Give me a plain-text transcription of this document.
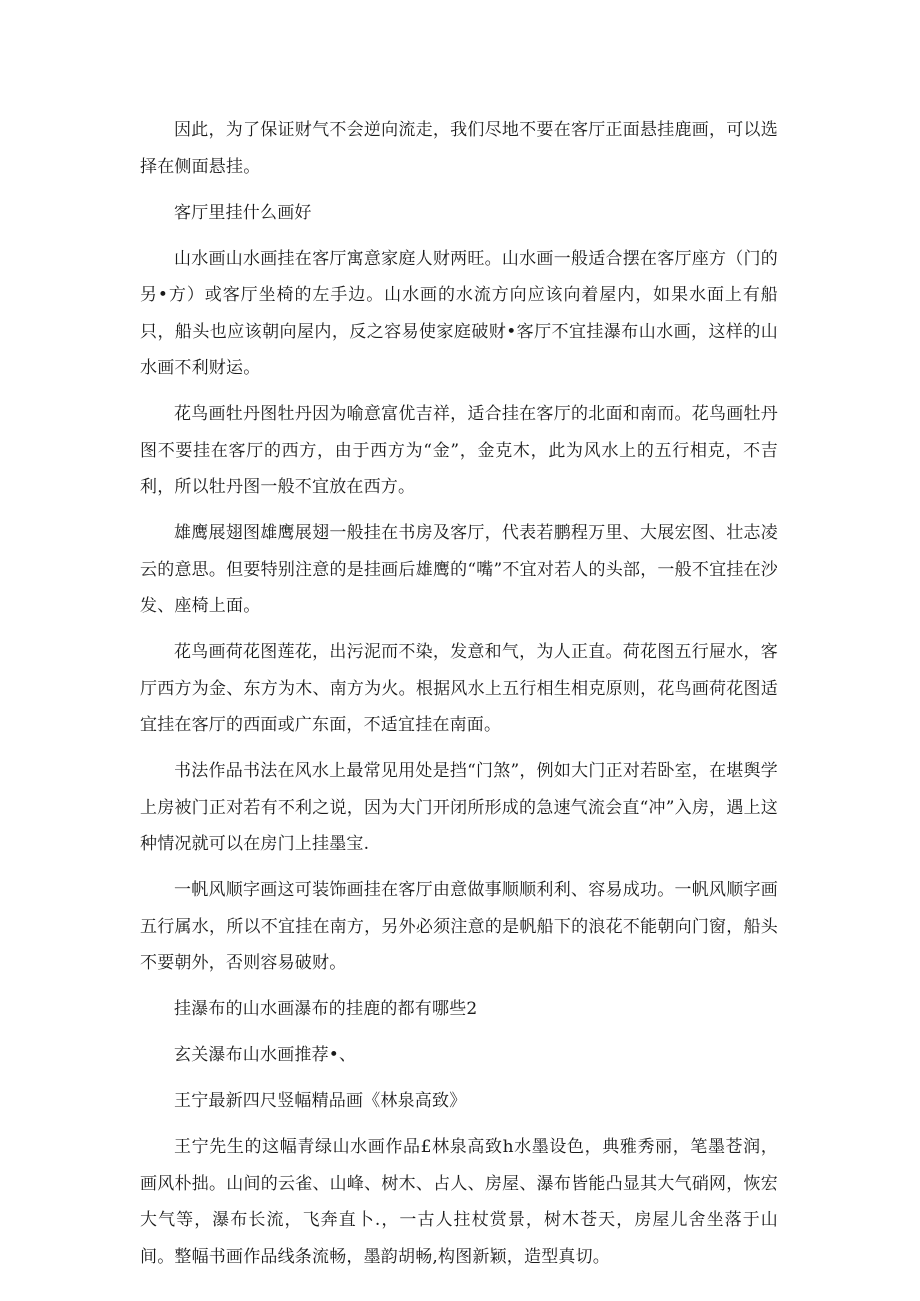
因此，为了保证财气不会逆向流走，我们尽地不要在客厅正面悬挂鹿画，可以选择在侧面悬挂。

客厅里挂什么画好

山水画山水画挂在客厅寓意家庭人财两旺。山水画一般适合摆在客厅座方（门的另•方）或客厅坐椅的左手边。山水画的水流方向应该向着屋内，如果水面上有船只，船头也应该朝向屋内，反之容易使家庭破财•客厅不宜挂瀑布山水画，这样的山水画不利财运。

花鸟画牡丹图牡丹因为喻意富优吉祥，适合挂在客厅的北面和南而。花鸟画牡丹图不要挂在客厅的西方，由于西方为“金”，金克木，此为风水上的五行相克，不吉利，所以牡丹图一般不宜放在西方。

雄鹰展翅图雄鹰展翅一般挂在书房及客厅，代表若鹏程万里、大展宏图、壮志凌云的意思。但要特别注意的是挂画后雄鹰的“嘴”不宜对若人的头部，一般不宜挂在沙发、座椅上面。

花鸟画荷花图莲花，出污泥而不染，发意和气，为人正直。荷花图五行屉水，客厅西方为金、东方为木、南方为火。根据风水上五行相生相克原则，花鸟画荷花图适宜挂在客厅的西面或广东面，不适宜挂在南面。

书法作品书法在风水上最常见用处是挡“门煞”，例如大门正对若卧室，在堪舆学上房被门正对若有不利之说，因为大门开闭所形成的急速气流会直“冲”入房，遇上这种情况就可以在房门上挂墨宝.

一帆风顺字画这可装饰画挂在客厅由意做事顺顺利利、容易成功。一帆风顺字画五行属水，所以不宜挂在南方，另外必须注意的是帆船下的浪花不能朝向门窗，船头不要朝外，否则容易破财。

挂瀑布的山水画瀑布的挂鹿的都有哪些2

玄关瀑布山水画推荐•、

王宁最新四尺竖幅精品画《林泉高致》

王宁先生的这幅青绿山水画作品£林泉高致h水墨设色，典雅秀丽，笔墨苍润，画风朴拙。山间的云雀、山峰、树木、占人、房屋、瀑布皆能凸显其大气硝网，恢宏大气等，瀑布长流，飞奔直卜.，一古人拄杖赏景，树木苍天，房屋儿舍坐落于山间。整幅书画作品线条流畅，墨韵胡畅,构图新颖，造型真切。
